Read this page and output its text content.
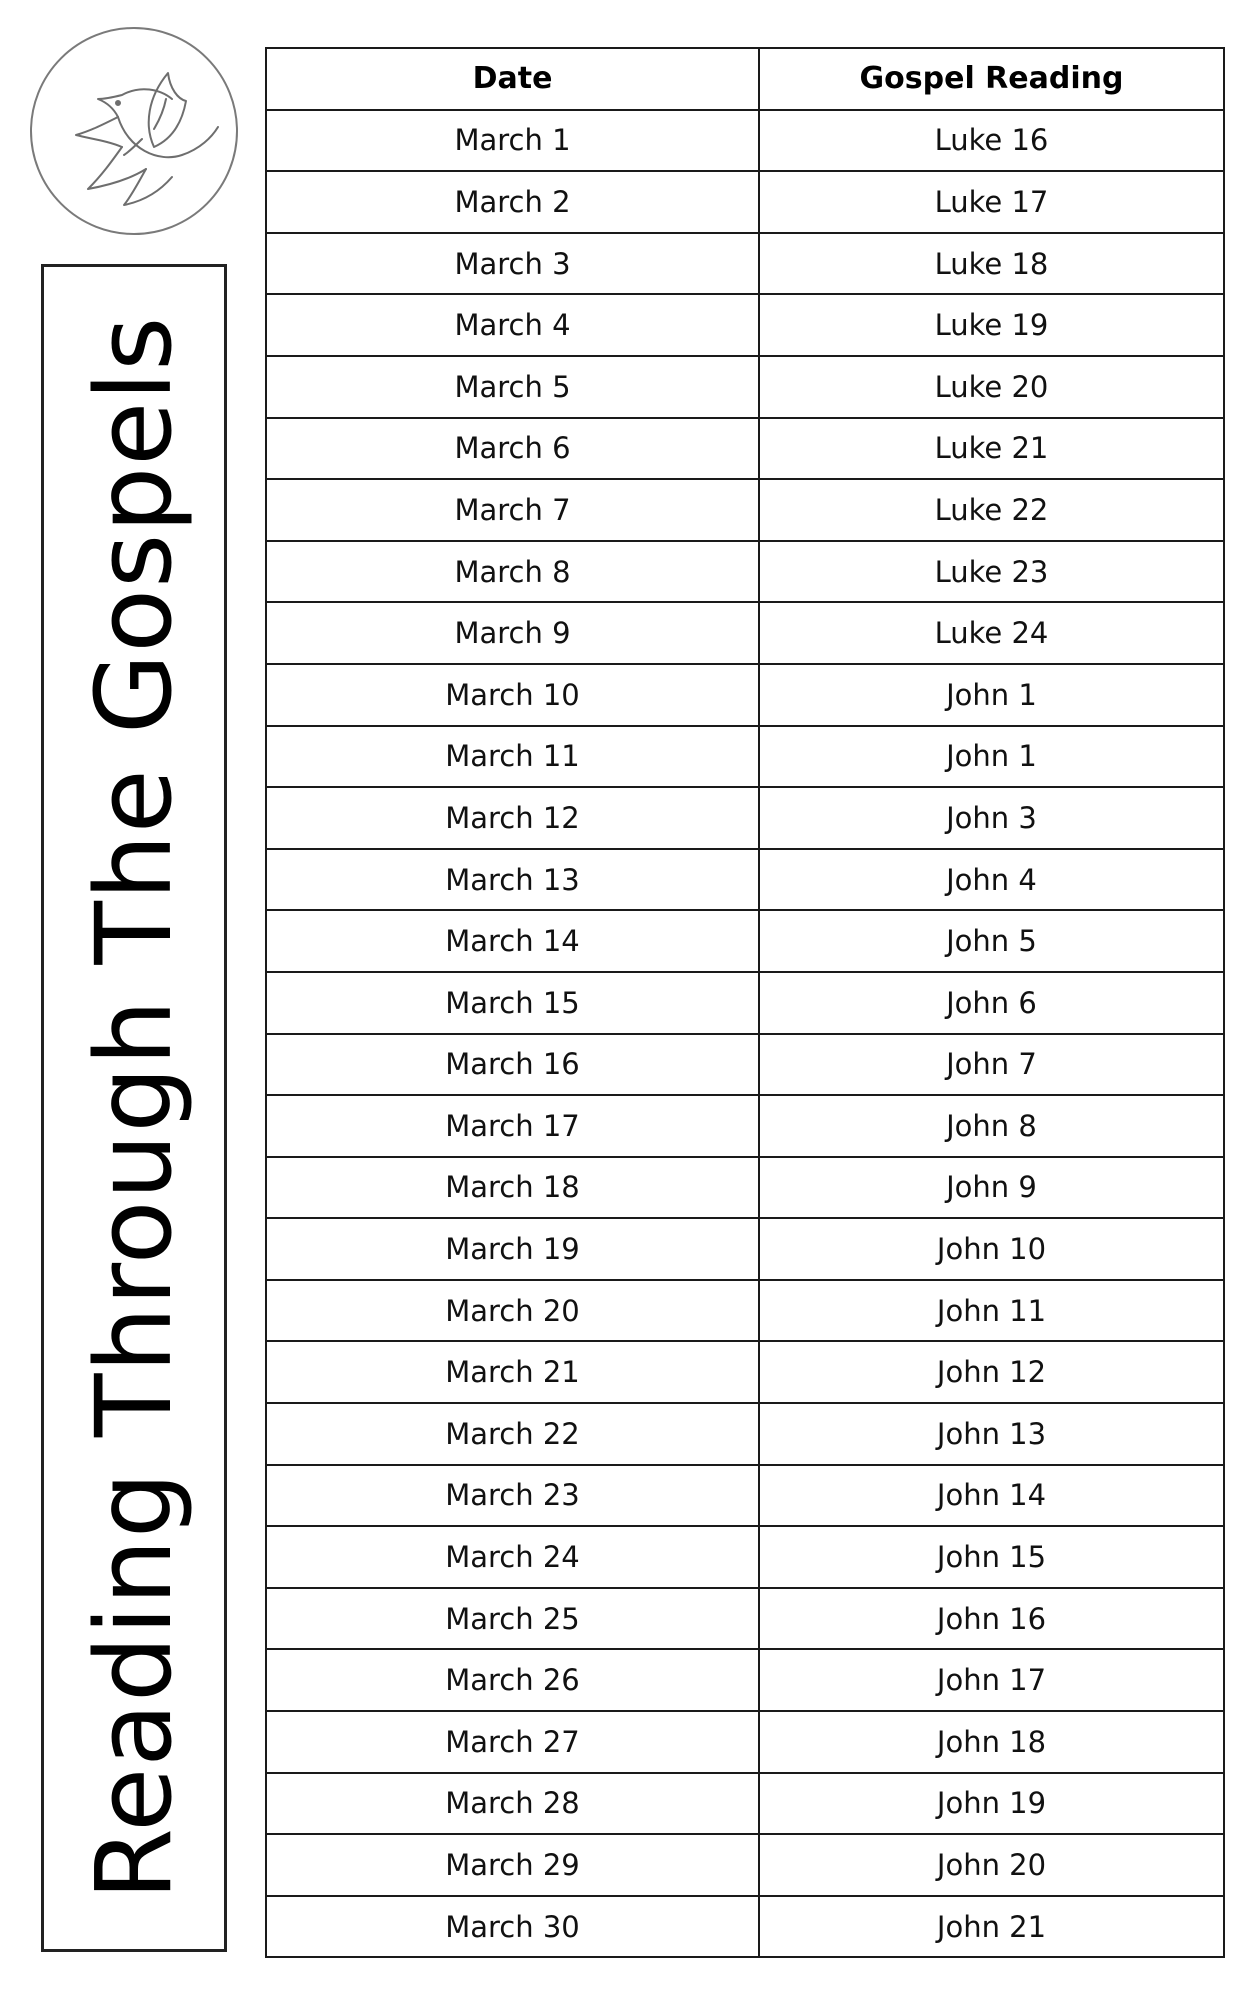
Reading Through The Gospels
Date	Gospel Reading
March 1	Luke 16
March 2	Luke 17
March 3	Luke 18
March 4	Luke 19
March 5	Luke 20
March 6	Luke 21
March 7	Luke 22
March 8	Luke 23
March 9	Luke 24
March 10	John 1
March 11	John 1
March 12	John 3
March 13	John 4
March 14	John 5
March 15	John 6
March 16	John 7
March 17	John 8
March 18	John 9
March 19	John 10
March 20	John 11
March 21	John 12
March 22	John 13
March 23	John 14
March 24	John 15
March 25	John 16
March 26	John 17
March 27	John 18
March 28	John 19
March 29	John 20
March 30	John 21
